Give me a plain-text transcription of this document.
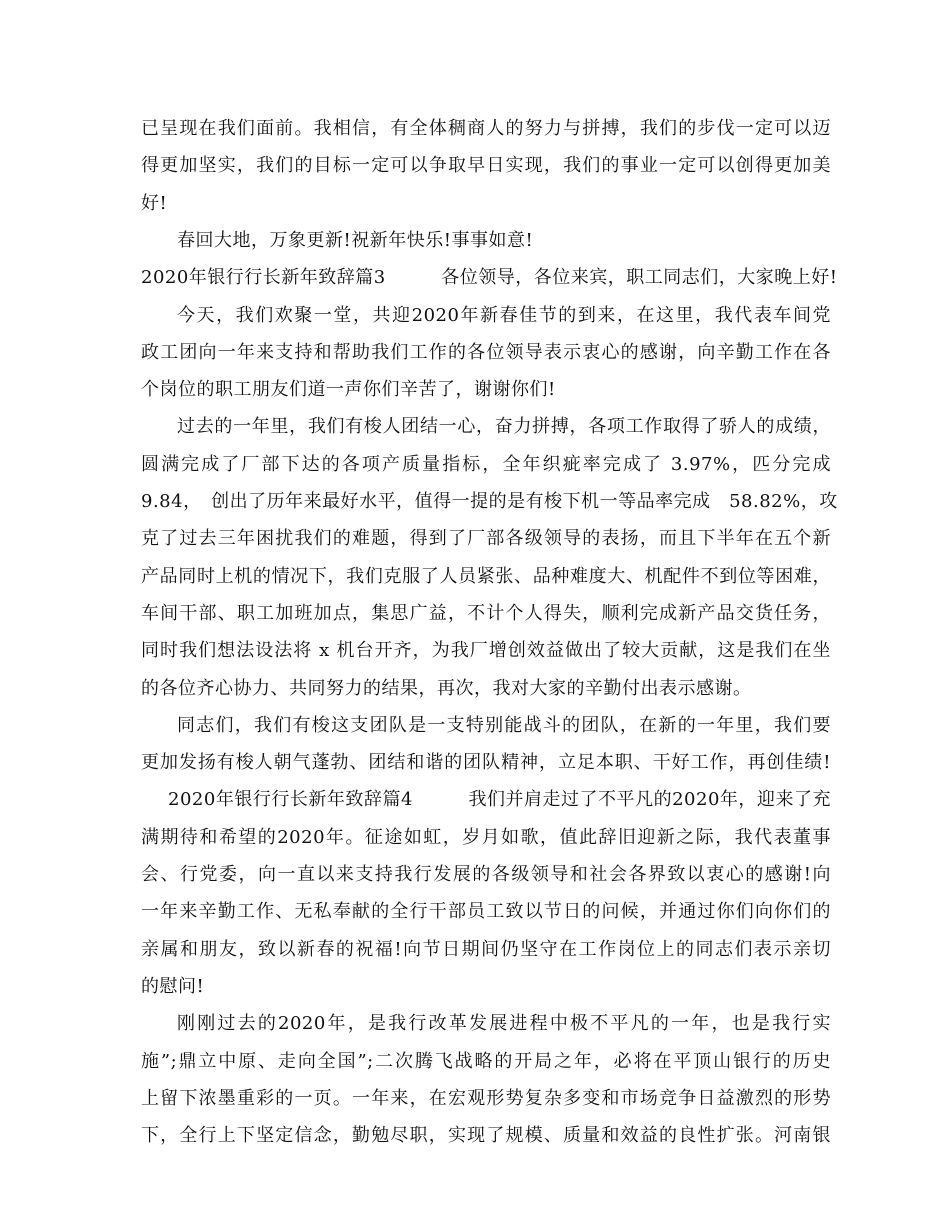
已呈现在我们面前。我相信，有全体稠商人的努力与拼搏，我们的步伐一定可以迈
得更加坚实，我们的目标一定可以争取早日实现，我们的事业一定可以创得更加美
好!
春回大地，万象更新!祝新年快乐!事事如意!
2020年银行行长新年致辞篇3　　　各位领导，各位来宾，职工同志们，大家晚上好!
今天，我们欢聚一堂，共迎2020年新春佳节的到来，在这里，我代表车间党
政工团向一年来支持和帮助我们工作的各位领导表示衷心的感谢，向辛勤工作在各
个岗位的职工朋友们道一声你们辛苦了，谢谢你们!
过去的一年里，我们有梭人团结一心，奋力拼搏，各项工作取得了骄人的成绩，
圆满完成了厂部下达的各项产质量指标，全年织疵率完成了 3.97%，匹分完成
9.84，　创出了历年来最好水平，值得一提的是有梭下机一等品率完成　58.82%，攻
克了过去三年困扰我们的难题，得到了厂部各级领导的表扬，而且下半年在五个新
产品同时上机的情况下，我们克服了人员紧张、品种难度大、机配件不到位等困难，
车间干部、职工加班加点，集思广益，不计个人得失，顺利完成新产品交货任务，
同时我们想法设法将 x 机台开齐，为我厂增创效益做出了较大贡献，这是我们在坐
的各位齐心协力、共同努力的结果，再次，我对大家的辛勤付出表示感谢。
同志们，我们有梭这支团队是一支特别能战斗的团队，在新的一年里，我们要
更加发扬有梭人朝气蓬勃、团结和谐的团队精神，立足本职、干好工作，再创佳绩!
2020年银行行长新年致辞篇4　　　我们并肩走过了不平凡的2020年，迎来了充
满期待和希望的2020年。征途如虹，岁月如歌，值此辞旧迎新之际，我代表董事
会、行党委，向一直以来支持我行发展的各级领导和社会各界致以衷心的感谢!向
一年来辛勤工作、无私奉献的全行干部员工致以节日的问候，并通过你们向你们的
亲属和朋友，致以新春的祝福!向节日期间仍坚守在工作岗位上的同志们表示亲切
的慰问!
刚刚过去的2020年，是我行改革发展进程中极不平凡的一年，也是我行实
施”;鼎立中原、走向全国”;二次腾飞战略的开局之年，必将在平顶山银行的历史
上留下浓墨重彩的一页。一年来，在宏观形势复杂多变和市场竞争日益激烈的形势
下，全行上下坚定信念，勤勉尽职，实现了规模、质量和效益的良性扩张。河南银
